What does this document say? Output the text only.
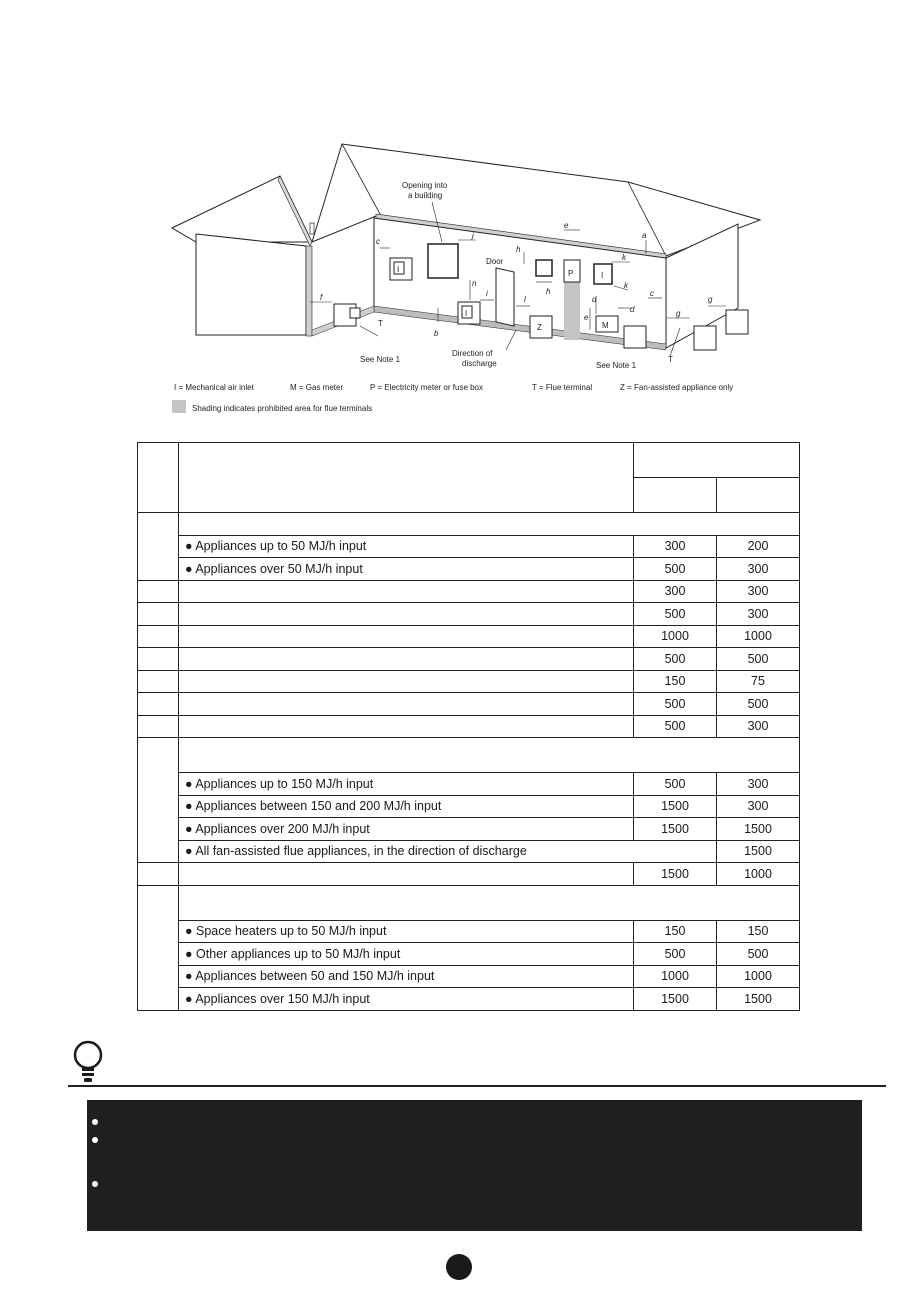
c
j
n
f
b
i
l
h
h
e
e
k
k
d
d
c
g
g
a
T
I
I
P	I
M
Z
T
Opening into
a building
Door
See Note 1
Direction of
discharge	See Note 1
I = Mechanical air inlet	M = Gas meter	P = Electricity meter or fuse box	T = Flue terminal	Z = Fan-assisted appliance only
Shading indicates prohibited area for flue terminals

	● Appliances up to 50 MJ/h input	300	200
	● Appliances over 50 MJ/h input	500	300
		300	300
		500	300
		1000	1000
		500	500
		150	75
		500	500
		500	300

	● Appliances up to 150 MJ/h input	500	300
	● Appliances between 150 and 200 MJ/h input	1500	300
	● Appliances over 200 MJ/h input	1500	1500
	● All fan-assisted flue appliances, in the direction of discharge		1500
		1500	1000

	● Space heaters up to 50 MJ/h input	150	150
	● Other appliances up to 50 MJ/h input	500	500
	● Appliances between 50 and 150 MJ/h input	1000	1000
	● Appliances over 150 MJ/h input	1500	1500
